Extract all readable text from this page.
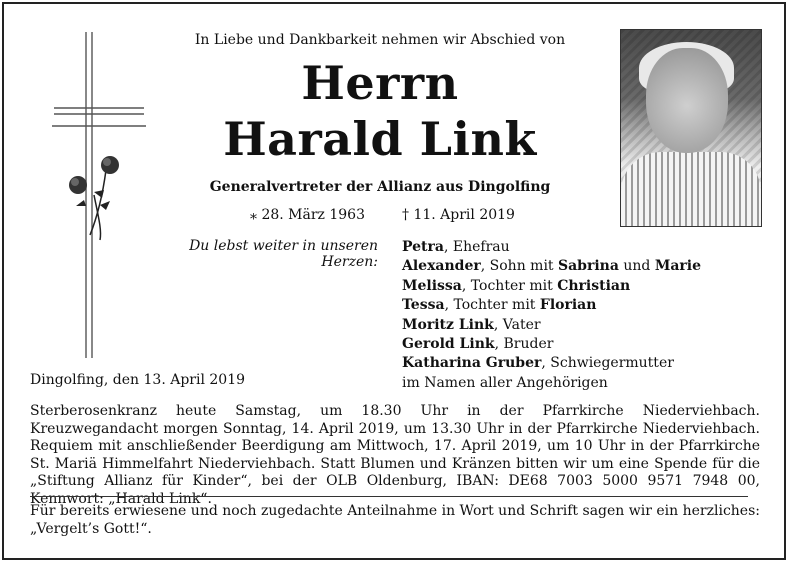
In Liebe und Dankbarkeit nehmen wir Abschied von
Herrn
Harald Link
Generalvertreter der Allianz aus Dingolfing
⁎ 28. März 1963	† 11. April 2019
Du lebst weiter in unseren Herzen:
Petra, Ehefrau
Alexander, Sohn mit Sabrina und Marie
Melissa, Tochter mit Christian
Tessa, Tochter mit Florian
Moritz Link, Vater
Gerold Link, Bruder
Katharina Gruber, Schwiegermutter
im Namen aller Angehörigen
Dingolfing, den 13. April 2019
Sterberosenkranz heute Samstag, um 18.30 Uhr in der Pfarrkirche Niederviehbach. Kreuzwegandacht morgen Sonntag, 14. April 2019, um 13.30 Uhr in der Pfarrkirche Niederviehbach. Requiem mit anschließender Beerdigung am Mittwoch, 17. April 2019, um 10 Uhr in der Pfarrkirche St. Mariä Himmelfahrt Niederviehbach. Statt Blumen und Kränzen bitten wir um eine Spende für die „Stiftung Allianz für Kinder“, bei der OLB Oldenburg, IBAN: DE68 7003 5000 9571 7948 00, Kennwort: „Harald Link“.
Für bereits erwiesene und noch zugedachte Anteilnahme in Wort und Schrift sagen wir ein herzliches: „Vergelt’s Gott!“.
